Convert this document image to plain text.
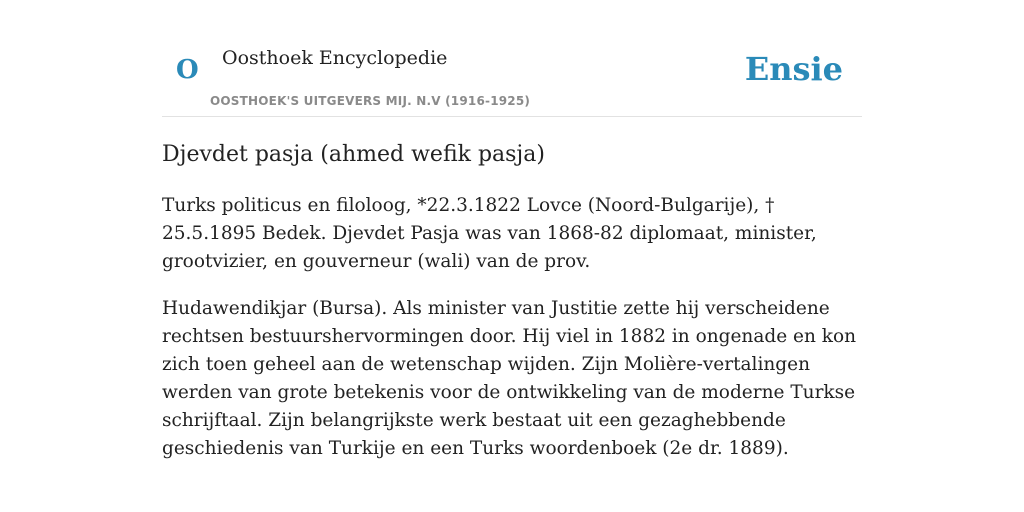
O Oosthoek Encyclopedie
OOSTHOEK'S UITGEVERS MIJ. N.V (1916-1925)
Ensie
Djevdet pasja (ahmed wefik pasja)

Turks politicus en filoloog, *22.3.1822 Lovce (Noord-Bulgarije), † 25.5.1895 Bedek. Djevdet Pasja was van 1868-82 diplomaat, minister, grootvizier, en gouverneur (wali) van de prov.

Hudawendikjar (Bursa). Als minister van Justitie zette hij verscheidene rechtsen bestuurshervormingen door. Hij viel in 1882 in ongenade en kon zich toen geheel aan de wetenschap wijden. Zijn Molière-vertalingen werden van grote betekenis voor de ontwikkeling van de moderne Turkse schrijftaal. Zijn belangrijkste werk bestaat uit een gezaghebbende geschiedenis van Turkije en een Turks woordenboek (2e dr. 1889).
